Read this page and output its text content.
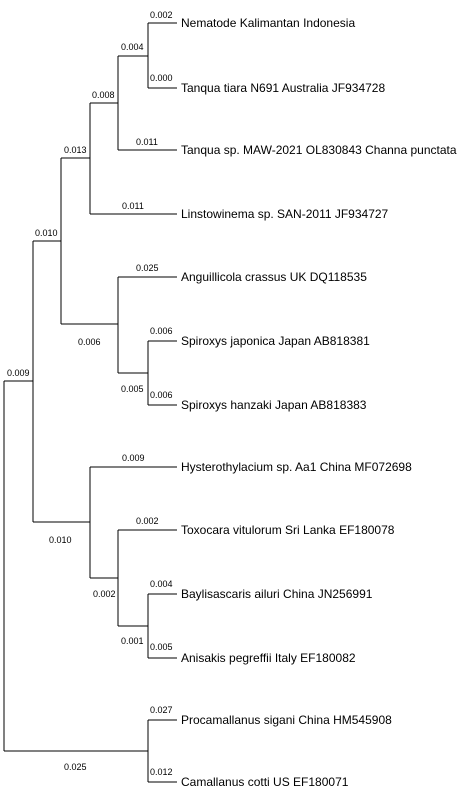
Nematode Kalimantan Indonesia
Tanqua tiara N691 Australia JF934728
Tanqua sp. MAW-2021 OL830843 Channa punctata
Linstowinema sp. SAN-2011 JF934727
Anguillicola crassus UK DQ118535
Spiroxys japonica Japan AB818381
Spiroxys hanzaki Japan AB818383
Hysterothylacium sp. Aa1 China MF072698
Toxocara vitulorum Sri Lanka EF180078
Baylisascaris ailuri China JN256991
Anisakis pegreffii Italy EF180082
Procamallanus sigani China HM545908
Camallanus cotti US EF180071
0.002
0.000
0.011
0.011
0.025
0.006
0.006
0.009
0.002
0.004
0.005
0.027
0.012
0.004
0.008
0.013
0.010
0.005
0.006
0.010
0.001
0.002
0.009
0.025
